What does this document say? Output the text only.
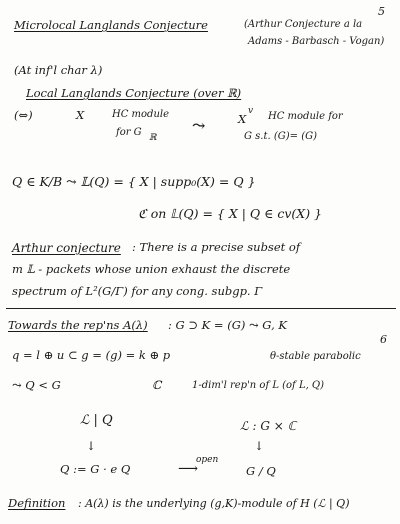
5
Microlocal Langlands Conjecture	(Arthur Conjecture a la
Adams - Barbasch - Vogan)
(At inf'l char λ)
Local Langlands Conjecture (over ℝ)
(⇔)	X	HC module
for G ℝ
⤳	X
v HC module for
G s.t. (G)= (G)
Q ∈ K/B ⤳ 𝕃(Q) = { X | supp₀(X) = Q }
ℭ on 𝕃(Q) = { X | Q ∈ cv(X) }
Arthur conjecture : There is a precise subset of
m 𝕃 - packets whose union exhaust the discrete
spectrum of L²(G/Γ) for any cong. subgp. Γ
Towards the rep'ns A(λ) : G ⊃ K = (G) ⤳ G, K
6
q = l ⊕ u ⊂ g = (g) = k ⊕ p	θ-stable parabolic
⤳ Q < G	ℂ	1-dim'l rep'n of L (of L, Q)
ℒ | Q	ℒ : G × ℂ
↓	↓
Q := G · e Q
open
⟶	G / Q
Definition : A(λ) is the underlying (g,K)-module of H (ℒ | Q)
